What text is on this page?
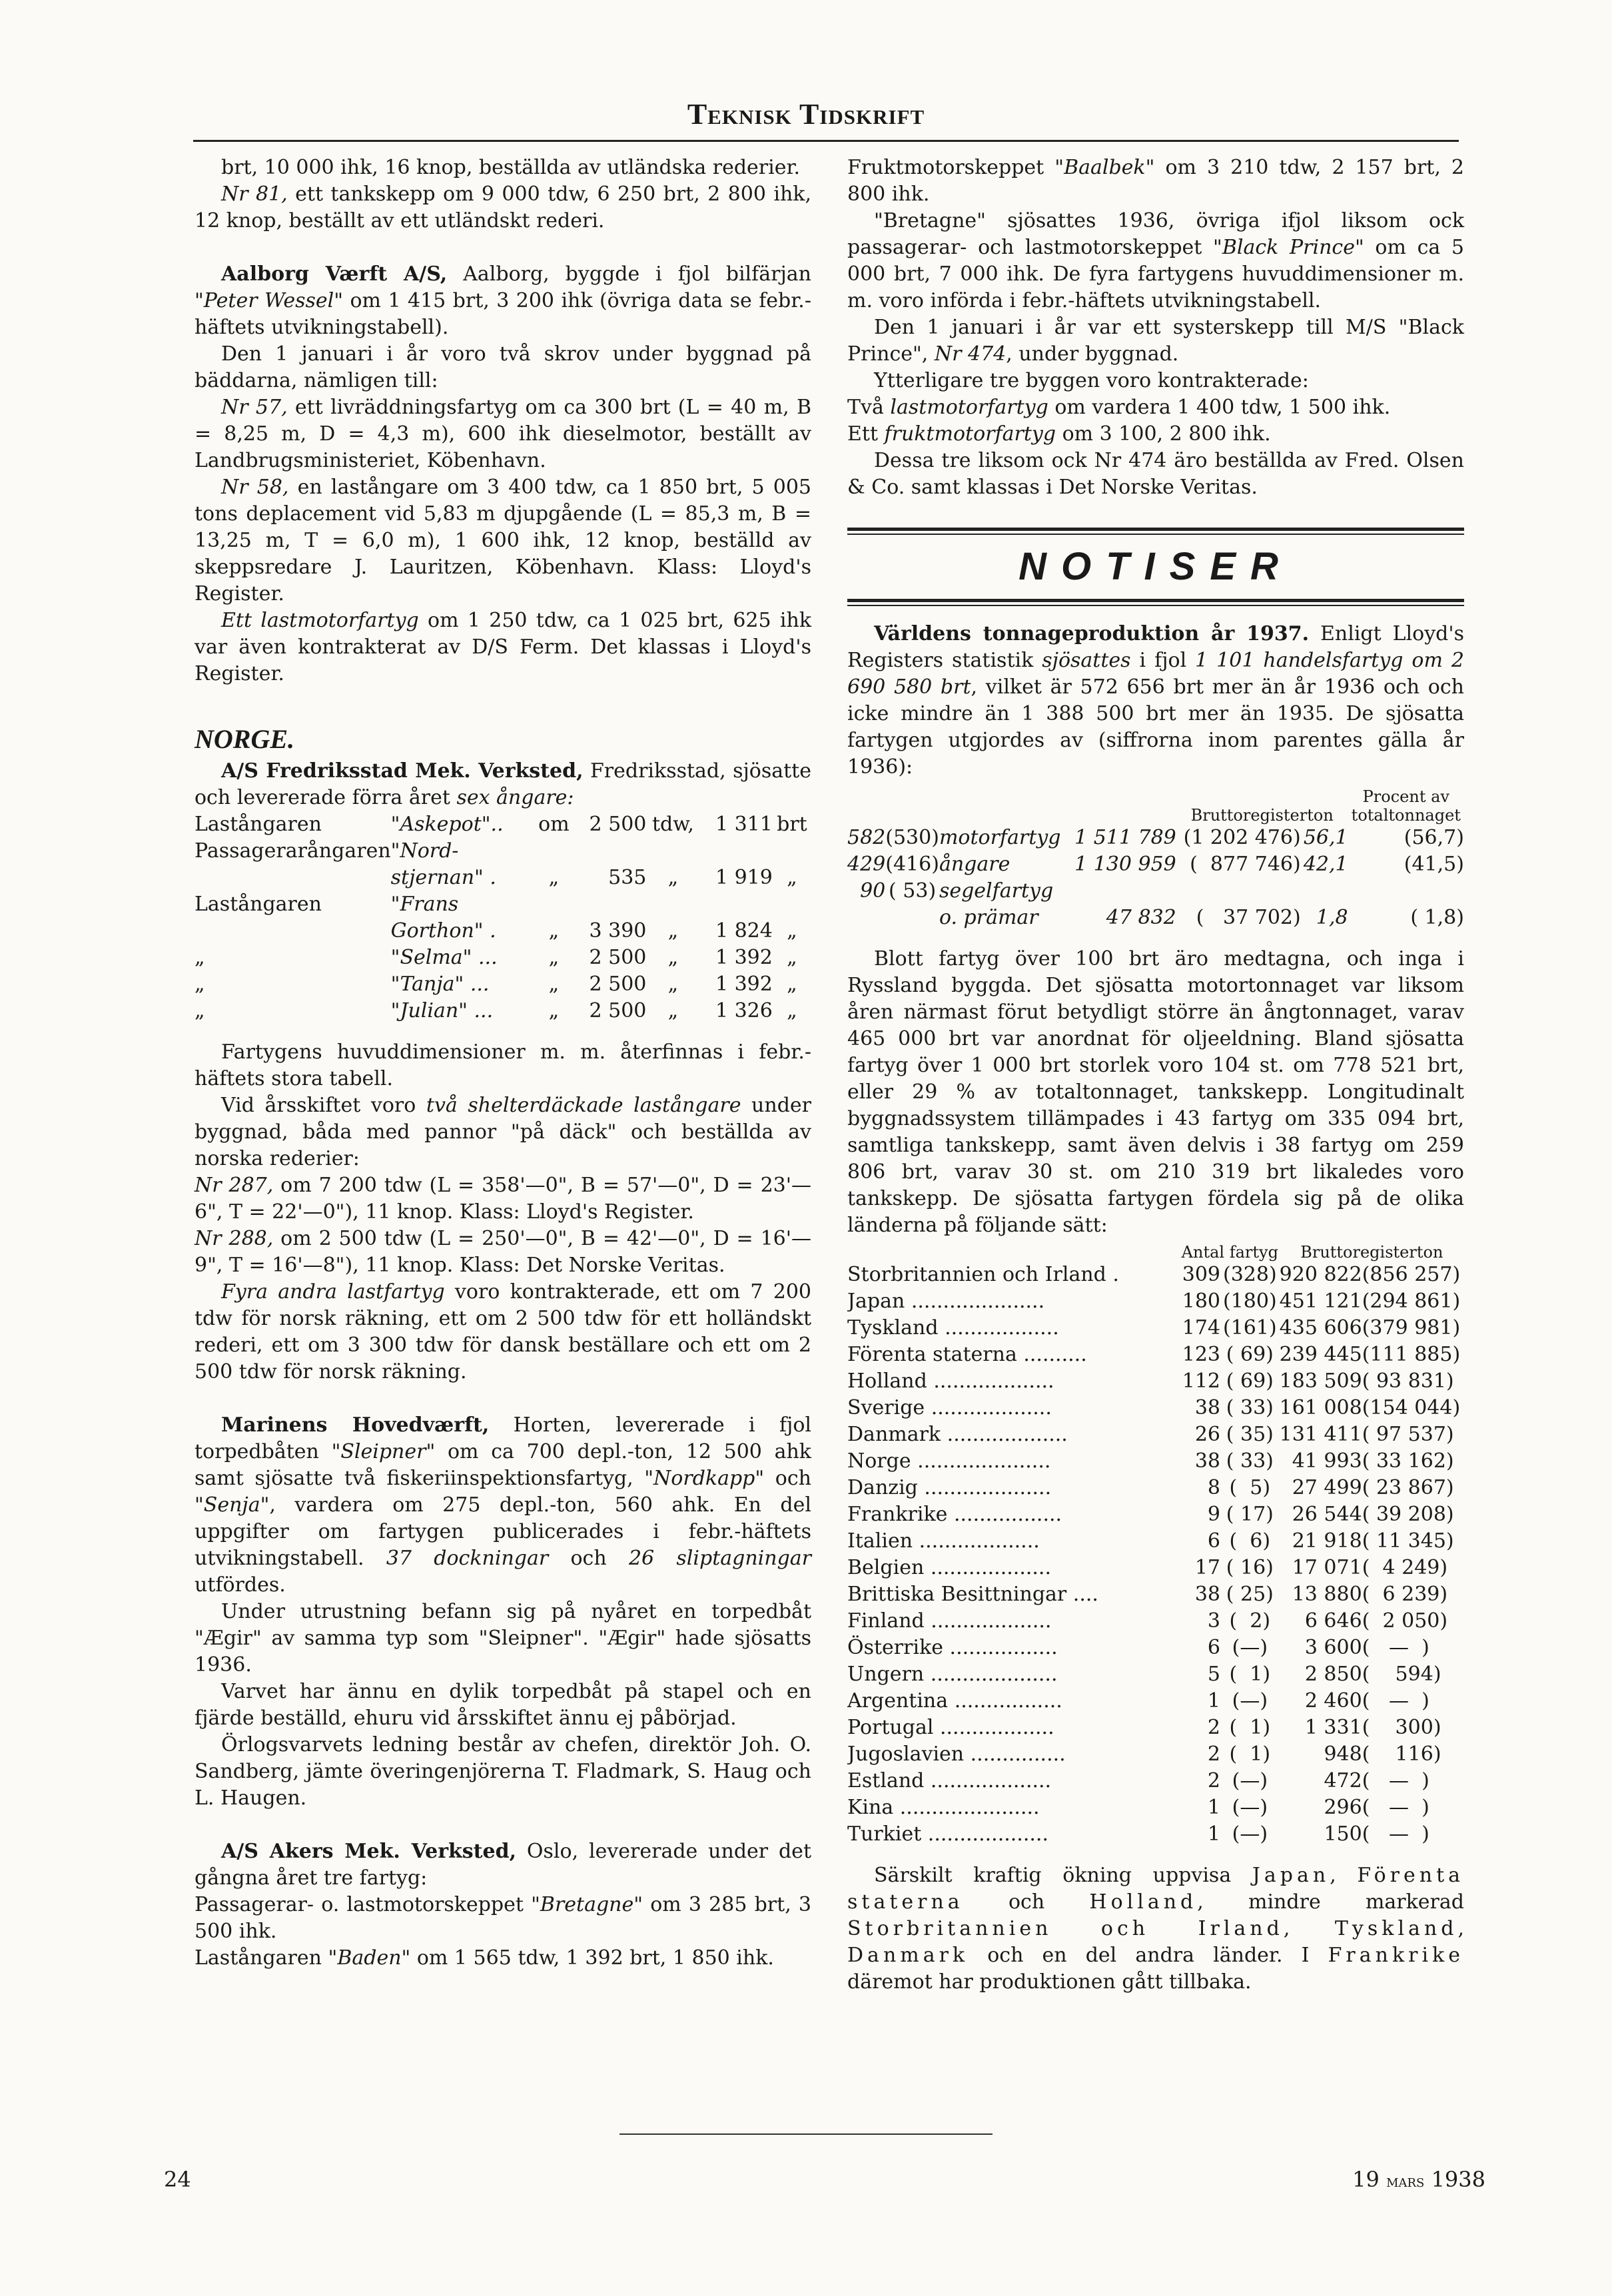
Teknisk Tidskrift

brt, 10 000 ihk, 16 knop, beställda av utländska rederier.

Nr 81, ett tankskepp om 9 000 tdw, 6 250 brt, 2 800 ihk, 12 knop, beställt av ett utländskt rederi.

Aalborg Værft A/S, Aalborg, byggde i fjol bilfärjan "Peter Wessel" om 1 415 brt, 3 200 ihk (övriga data se febr.-häftets utvikningstabell).

Den 1 januari i år voro två skrov under byggnad på bäddarna, nämligen till:

Nr 57, ett livräddningsfartyg om ca 300 brt (L = 40 m, B = 8,25 m, D = 4,3 m), 600 ihk dieselmotor, beställt av Landbrugsministeriet, Köbenhavn.

Nr 58, en lastångare om 3 400 tdw, ca 1 850 brt, 5 005 tons deplacement vid 5,83 m djupgående (L = 85,3 m, B = 13,25 m, T = 6,0 m), 1 600 ihk, 12 knop, beställd av skeppsredare J. Lauritzen, Köbenhavn. Klass: Lloyd's Register.

Ett lastmotorfartyg om 1 250 tdw, ca 1 025 brt, 625 ihk var även kontrakterat av D/S Ferm. Det klassas i Lloyd's Register.

NORGE.

A/S Fredriksstad Mek. Verksted, Fredriksstad, sjösatte och levererade förra året sex ångare:

Lastångaren	"Askepot"..	om	2 500	tdw,	1 311	brt
Passagerarångaren	"Nord-					
	stjernan" .	„	535	„	1 919	„
Lastångaren	"Frans					
	Gorthon" .	„	3 390	„	1 824	„
„	"Selma" ...	„	2 500	„	1 392	„
„	"Tanja" ...	„	2 500	„	1 392	„
„	"Julian" ...	„	2 500	„	1 326	„

Fartygens huvuddimensioner m. m. återfinnas i febr.-häftets stora tabell.

Vid årsskiftet voro två shelterdäckade lastångare under byggnad, båda med pannor "på däck" och beställda av norska rederier:

Nr 287, om 7 200 tdw (L = 358'—0", B = 57'—0", D = 23'—6", T = 22'—0"), 11 knop. Klass: Lloyd's Register.

Nr 288, om 2 500 tdw (L = 250'—0", B = 42'—0", D = 16'—9", T = 16'—8"), 11 knop. Klass: Det Norske Veritas.

Fyra andra lastfartyg voro kontrakterade, ett om 7 200 tdw för norsk räkning, ett om 2 500 tdw för ett holländskt rederi, ett om 3 300 tdw för dansk beställare och ett om 2 500 tdw för norsk räkning.

Marinens Hovedværft, Horten, levererade i fjol torpedbåten "Sleipner" om ca 700 depl.-ton, 12 500 ahk samt sjösatte två fiskeriinspektionsfartyg, "Nordkapp" och "Senja", vardera om 275 depl.-ton, 560 ahk. En del uppgifter om fartygen publicerades i febr.-häftets utvikningstabell. 37 dockningar och 26 sliptagningar utfördes.

Under utrustning befann sig på nyåret en torpedbåt "Ægir" av samma typ som "Sleipner". "Ægir" hade sjösatts 1936.

Varvet har ännu en dylik torpedbåt på stapel och en fjärde beställd, ehuru vid årsskiftet ännu ej påbörjad.

Örlogsvarvets ledning består av chefen, direktör Joh. O. Sandberg, jämte överingenjörerna T. Fladmark, S. Haug och L. Haugen.

A/S Akers Mek. Verksted, Oslo, levererade under det gångna året tre fartyg:

Passagerar- o. lastmotorskeppet "Bretagne" om 3 285 brt, 3 500 ihk.

Lastångaren "Baden" om 1 565 tdw, 1 392 brt, 1 850 ihk.

Fruktmotorskeppet "Baalbek" om 3 210 tdw, 2 157 brt, 2 800 ihk.

"Bretagne" sjösattes 1936, övriga ifjol liksom ock passagerar- och lastmotorskeppet "Black Prince" om ca 5 000 brt, 7 000 ihk. De fyra fartygens huvuddimensioner m. m. voro införda i febr.-häftets utvikningstabell.

Den 1 januari i år var ett systerskepp till M/S "Black Prince", Nr 474, under byggnad.

Ytterligare tre byggen voro kontrakterade:

Två lastmotorfartyg om vardera 1 400 tdw, 1 500 ihk.

Ett fruktmotorfartyg om 3 100, 2 800 ihk.

Dessa tre liksom ock Nr 474 äro beställda av Fred. Olsen & Co. samt klassas i Det Norske Veritas.

NOTISER

Världens tonnageproduktion år 1937. Enligt Lloyd's Registers statistik sjösattes i fjol 1 101 handelsfartyg om 2 690 580 brt, vilket är 572 656 brt mer än år 1936 och och icke mindre än 1 388 500 brt mer än 1935. De sjösatta fartygen utgjordes av (siffrorna inom parentes gälla år 1936):

				Bruttoregisterton		Procent av
totaltonnaget	
582	(530)	motorfartyg	1 511 789	(1 202 476)	56,1	(56,7)	
429	(416)	ångare	1 130 959	(  877 746)	42,1	(41,5)	
90	( 53)	segelfartyg					
		o. prämar	47 832	(   37 702)	1,8	( 1,8)	

Blott fartyg över 100 brt äro medtagna, och inga i Ryssland byggda. Det sjösatta motortonnaget var liksom åren närmast förut betydligt större än ångtonnaget, varav 465 000 brt var anordnat för oljeeldning. Bland sjösatta fartyg över 1 000 brt storlek voro 104 st. om 778 521 brt, eller 29 % av totaltonnaget, tankskepp. Longitudinalt byggnadssystem tillämpades i 43 fartyg om 335 094 brt, samtliga tankskepp, samt även delvis i 38 fartyg om 259 806 brt, varav 30 st. om 210 319 brt likaledes voro tankskepp. De sjösatta fartygen fördela sig på de olika länderna på följande sätt:

	Antal fartyg		Bruttoregisterton	
Storbritannien och Irland .	309	(328)	920 822	(856 257)
Japan .....................	180	(180)	451 121	(294 861)
Tyskland ..................	174	(161)	435 606	(379 981)
Förenta staterna ..........	123	( 69)	239 445	(111 885)
Holland ...................	112	( 69)	183 509	( 93 831)
Sverige ...................	38	( 33)	161 008	(154 044)
Danmark ...................	26	( 35)	131 411	( 97 537)
Norge .....................	38	( 33)	41 993	( 33 162)
Danzig ....................	8	(  5)	27 499	( 23 867)
Frankrike .................	9	( 17)	26 544	( 39 208)
Italien ...................	6	(  6)	21 918	( 11 345)
Belgien ...................	17	( 16)	17 071	(  4 249)
Brittiska Besittningar ....	38	( 25)	13 880	(  6 239)
Finland ...................	3	(  2)	6 646	(  2 050)
Österrike .................	6	(—)	3 600	(   —  )
Ungern ....................	5	(  1)	2 850	(    594)
Argentina .................	1	(—)	2 460	(   —  )
Portugal ..................	2	(  1)	1 331	(    300)
Jugoslavien ...............	2	(  1)	948	(    116)
Estland ...................	2	(—)	472	(   —  )
Kina ......................	1	(—)	296	(   —  )
Turkiet ...................	1	(—)	150	(   —  )

Särskilt kraftig ökning uppvisa Japan, Förenta staterna och Holland, mindre markerad Storbritannien och Irland, Tyskland, Danmark och en del andra länder. I Frankrike däremot har produktionen gått tillbaka.

24	19 mars 1938
